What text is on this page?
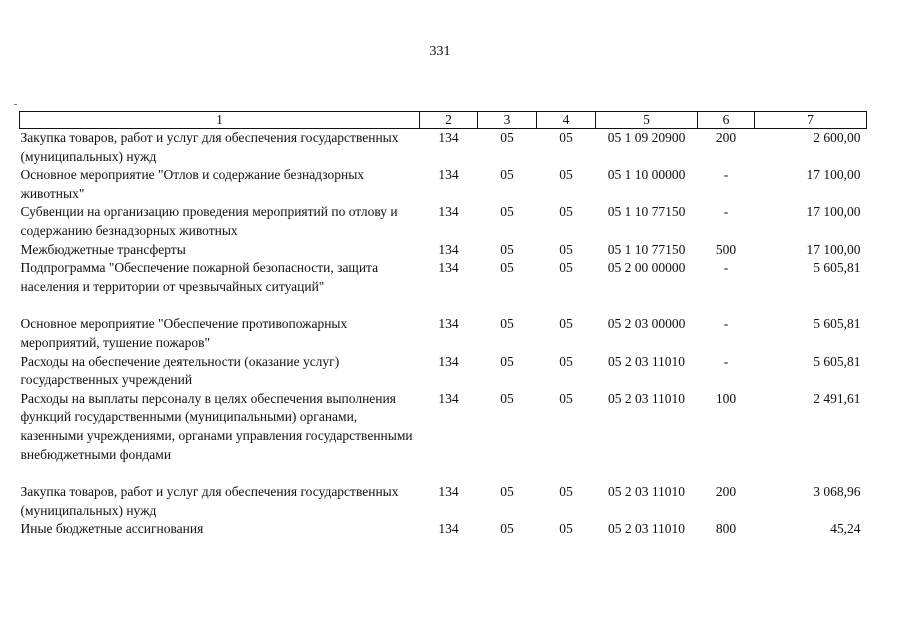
331
1	2	3	4	5	6	7
Закупка товаров, работ и услуг для обеспечения государственных (муниципальных) нужд	134	05	05	05 1 09 20900	200	2 600,00
Основное мероприятие "Отлов и содержание безнадзорных животных"	134	05	05	05 1 10 00000	-	17 100,00
Субвенции на организацию проведения мероприятий по отлову и содержанию безнадзорных животных	134	05	05	05 1 10 77150	-	17 100,00
Межбюджетные трансферты	134	05	05	05 1 10 77150	500	17 100,00
Подпрограмма "Обеспечение пожарной безопасности, защита населения и территории от чрезвычайных ситуаций"	134	05	05	05 2 00 00000	-	5 605,81
Основное мероприятие "Обеспечение противопожарных мероприятий, тушение пожаров"	134	05	05	05 2 03 00000	-	5 605,81
Расходы на обеспечение деятельности (оказание услуг) государственных учреждений	134	05	05	05 2 03 11010	-	5 605,81
Расходы на выплаты персоналу в целях обеспечения выполнения функций государственными (муниципальными) органами, казенными учреждениями, органами управления государственными внебюджетными фондами	134	05	05	05 2 03 11010	100	2 491,61
Закупка товаров, работ и услуг для обеспечения государственных (муниципальных) нужд	134	05	05	05 2 03 11010	200	3 068,96
Иные бюджетные ассигнования	134	05	05	05 2 03 11010	800	45,24
